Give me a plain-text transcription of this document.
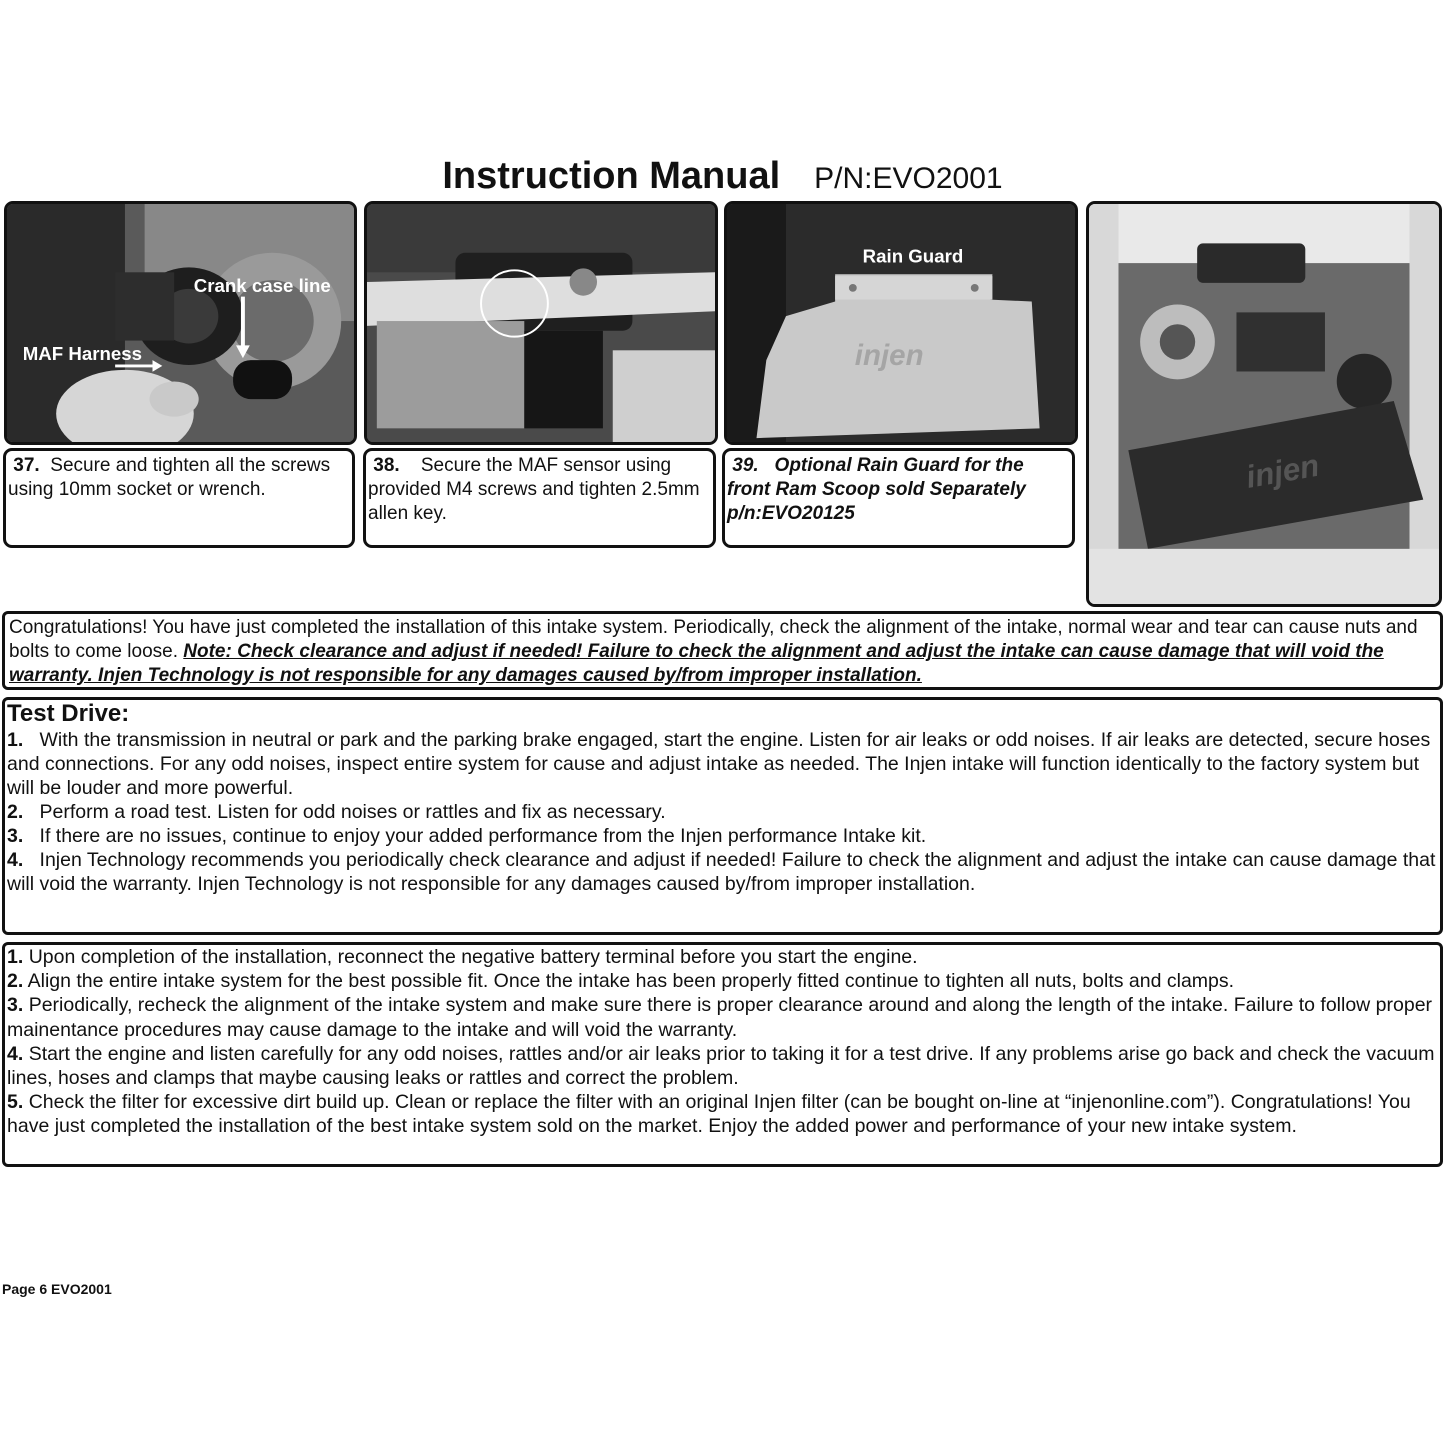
Instruction Manual P/N:EVO2001
Crank case line
MAF Harness	injen
Rain Guard
injen
37. Secure and tighten all the screws using 10mm socket or wrench.
38. Secure the MAF sensor using provided M4 screws and tighten 2.5mm allen key.
39. Optional Rain Guard for the front Ram Scoop sold Separately p/n:EVO20125
Congratulations! You have just completed the installation of this intake system. Periodically, check the alignment of the intake, normal wear and tear can cause nuts and bolts to come loose. Note: Check clearance and adjust if needed! Failure to check the alignment and adjust the intake can cause damage that will void the warranty. Injen Technology is not responsible for any damages caused by/from improper installation.
Test Drive:

1. With the transmission in neutral or park and the parking brake engaged, start the engine. Listen for air leaks or odd noises. If air leaks are detected, secure hoses and connections. For any odd noises, inspect entire system for cause and adjust intake as needed. The Injen intake will function identically to the factory system but will be louder and more powerful.

2. Perform a road test. Listen for odd noises or rattles and fix as necessary.

3. If there are no issues, continue to enjoy your added performance from the Injen performance Intake kit.

4. Injen Technology recommends you periodically check clearance and adjust if needed! Failure to check the alignment and adjust the intake can cause damage that will void the warranty. Injen Technology is not responsible for any damages caused by/from improper installation.

1. Upon completion of the installation, reconnect the negative battery terminal before you start the engine.

2. Align the entire intake system for the best possible fit. Once the intake has been properly fitted continue to tighten all nuts, bolts and clamps.

3. Periodically, recheck the alignment of the intake system and make sure there is proper clearance around and along the length of the intake. Failure to follow proper mainentance procedures may cause damage to the intake and will void the warranty.

4. Start the engine and listen carefully for any odd noises, rattles and/or air leaks prior to taking it for a test drive. If any problems arise go back and check the vacuum lines, hoses and clamps that maybe causing leaks or rattles and correct the problem.

5. Check the filter for excessive dirt build up. Clean or replace the filter with an original Injen filter (can be bought on-line at “injenonline.com”). Congratulations! You have just completed the installation of the best intake system sold on the market. Enjoy the added power and performance of your new intake system.

Page 6 EVO2001
